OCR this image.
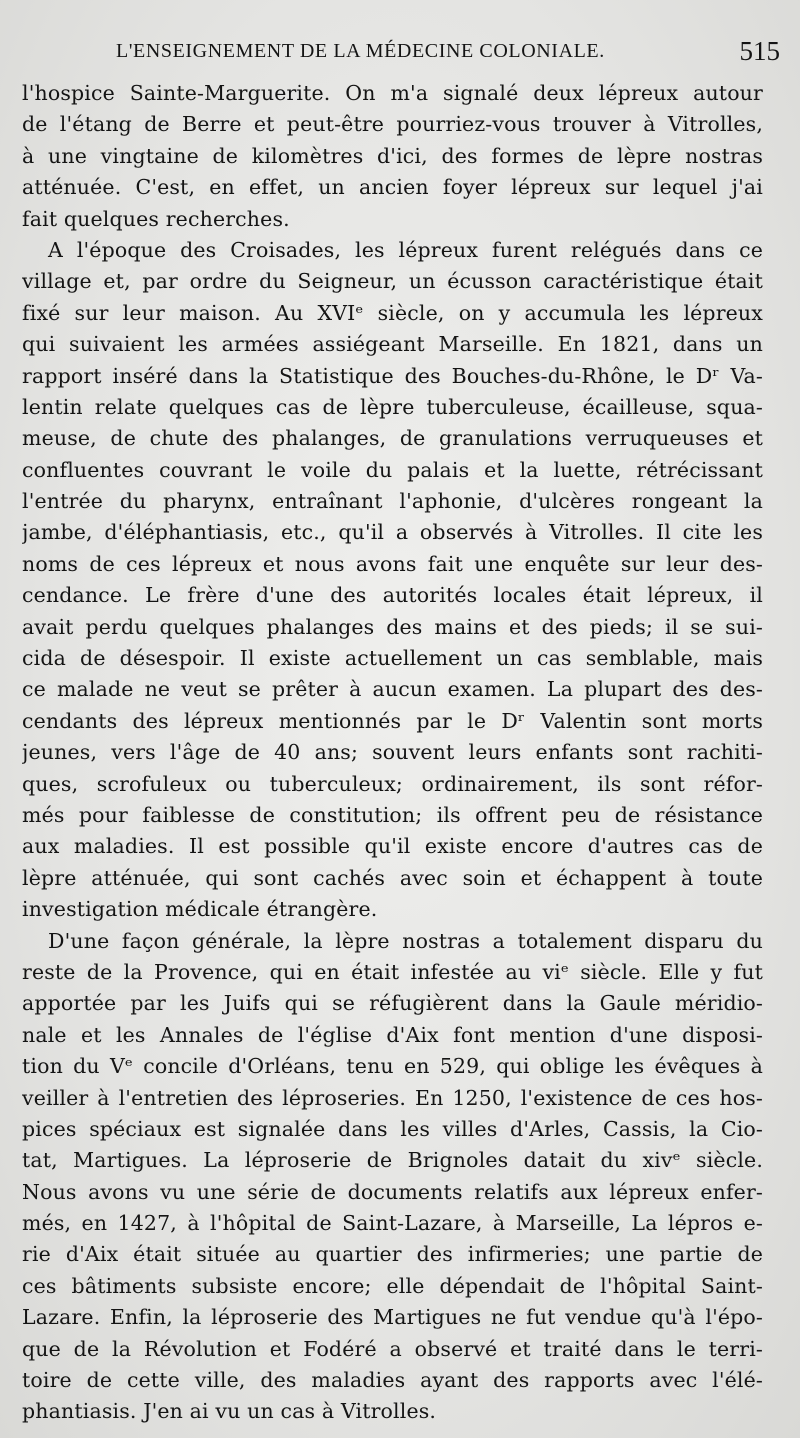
L'ENSEIGNEMENT DE LA MÉDECINE COLONIALE.	515
l'hospice Sainte-Marguerite. On m'a signalé deux lépreux autour
de l'étang de Berre et peut-être pourriez-vous trouver à Vitrolles,
à une vingtaine de kilomètres d'ici, des formes de lèpre nostras
atténuée. C'est, en effet, un ancien foyer lépreux sur lequel j'ai
fait quelques recherches.
A l'époque des Croisades, les lépreux furent relégués dans ce
village et, par ordre du Seigneur, un écusson caractéristique était
fixé sur leur maison. Au XVIᵉ siècle, on y accumula les lépreux
qui suivaient les armées assiégeant Marseille. En 1821, dans un
rapport inséré dans la Statistique des Bouches-du-Rhône, le Dʳ Va-
lentin relate quelques cas de lèpre tuberculeuse, écailleuse, squa-
meuse, de chute des phalanges, de granulations verruqueuses et
confluentes couvrant le voile du palais et la luette, rétrécissant
l'entrée du pharynx, entraînant l'aphonie, d'ulcères rongeant la
jambe, d'éléphantiasis, etc., qu'il a observés à Vitrolles. Il cite les
noms de ces lépreux et nous avons fait une enquête sur leur des-
cendance. Le frère d'une des autorités locales était lépreux, il
avait perdu quelques phalanges des mains et des pieds; il se sui-
cida de désespoir. Il existe actuellement un cas semblable, mais
ce malade ne veut se prêter à aucun examen. La plupart des des-
cendants des lépreux mentionnés par le Dʳ Valentin sont morts
jeunes, vers l'âge de 40 ans; souvent leurs enfants sont rachiti-
ques, scrofuleux ou tuberculeux; ordinairement, ils sont réfor-
més pour faiblesse de constitution; ils offrent peu de résistance
aux maladies. Il est possible qu'il existe encore d'autres cas de
lèpre atténuée, qui sont cachés avec soin et échappent à toute
investigation médicale étrangère.
D'une façon générale, la lèpre nostras a totalement disparu du
reste de la Provence, qui en était infestée au viᵉ siècle. Elle y fut
apportée par les Juifs qui se réfugièrent dans la Gaule méridio-
nale et les Annales de l'église d'Aix font mention d'une disposi-
tion du Vᵉ concile d'Orléans, tenu en 529, qui oblige les évêques à
veiller à l'entretien des léproseries. En 1250, l'existence de ces hos-
pices spéciaux est signalée dans les villes d'Arles, Cassis, la Cio-
tat, Martigues. La léproserie de Brignoles datait du xivᵉ siècle.
Nous avons vu une série de documents relatifs aux lépreux enfer-
més, en 1427, à l'hôpital de Saint-Lazare, à Marseille, La lépros e-
rie d'Aix était située au quartier des infirmeries; une partie de
ces bâtiments subsiste encore; elle dépendait de l'hôpital Saint-
Lazare. Enfin, la léproserie des Martigues ne fut vendue qu'à l'épo-
que de la Révolution et Fodéré a observé et traité dans le terri-
toire de cette ville, des maladies ayant des rapports avec l'élé-
phantiasis. J'en ai vu un cas à Vitrolles.
